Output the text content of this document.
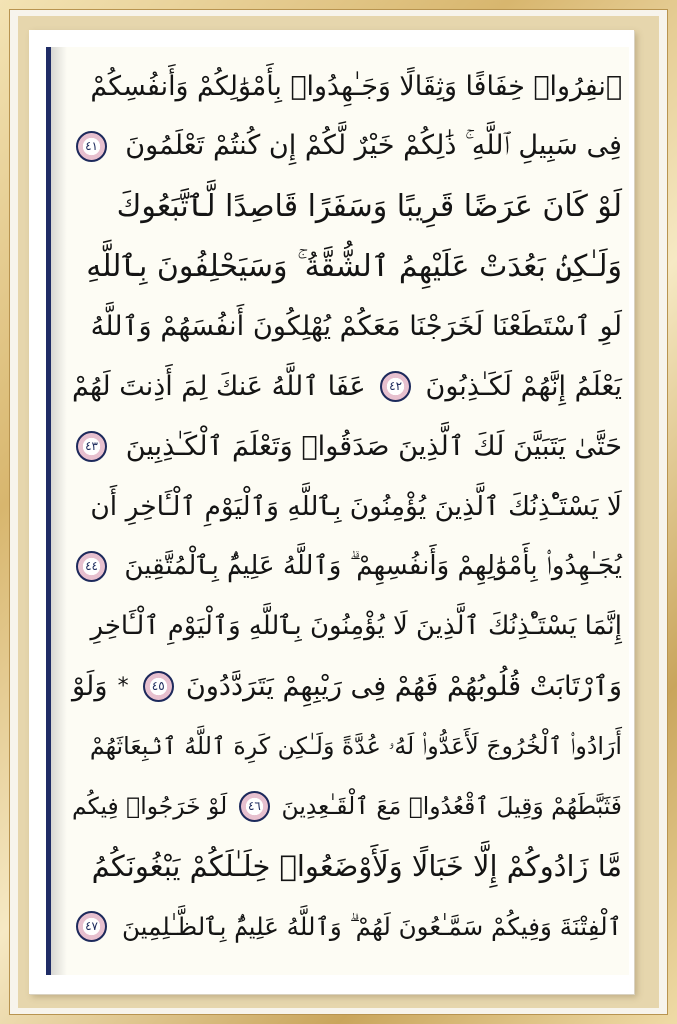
ٱنفِرُوا۟ خِفَافًا وَثِقَالًا وَجَـٰهِدُوا۟ بِأَمْوَٰلِكُمْ وَأَنفُسِكُمْ
فِى سَبِيلِ ٱللَّهِ ۚ ذَٰلِكُمْ خَيْرٌ لَّكُمْ إِن كُنتُمْ تَعْلَمُونَ
٤١
لَوْ كَانَ عَرَضًا قَرِيبًا وَسَفَرًا قَاصِدًا لَّٱتَّبَعُوكَ
وَلَـٰكِنۢ بَعُدَتْ عَلَيْهِمُ ٱلشُّقَّةُ ۚ وَسَيَحْلِفُونَ بِٱللَّهِ
لَوِ ٱسْتَطَعْنَا لَخَرَجْنَا مَعَكُمْ يُهْلِكُونَ أَنفُسَهُمْ وَٱللَّهُ
يَعْلَمُ إِنَّهُمْ لَكَـٰذِبُونَ
٤٢
عَفَا ٱللَّهُ عَنكَ لِمَ أَذِنتَ لَهُمْ
حَتَّىٰ يَتَبَيَّنَ لَكَ ٱلَّذِينَ صَدَقُوا۟ وَتَعْلَمَ ٱلْكَـٰذِبِينَ
٤٣
لَا يَسْتَـْٔذِنُكَ ٱلَّذِينَ يُؤْمِنُونَ بِٱللَّهِ وَٱلْيَوْمِ ٱلْـَٔاخِرِ أَن
يُجَـٰهِدُوا۟ بِأَمْوَٰلِهِمْ وَأَنفُسِهِمْ ۗ وَٱللَّهُ عَلِيمٌۢ بِٱلْمُتَّقِينَ
٤٤
إِنَّمَا يَسْتَـْٔذِنُكَ ٱلَّذِينَ لَا يُؤْمِنُونَ بِٱللَّهِ وَٱلْيَوْمِ ٱلْـَٔاخِرِ
وَٱرْتَابَتْ قُلُوبُهُمْ فَهُمْ فِى رَيْبِهِمْ يَتَرَدَّدُونَ
٤٥
*
وَلَوْ
أَرَادُوا۟ ٱلْخُرُوجَ لَأَعَدُّوا۟ لَهُۥ عُدَّةً وَلَـٰكِن كَرِهَ ٱللَّهُ ٱنۢبِعَاثَهُمْ
فَثَبَّطَهُمْ وَقِيلَ ٱقْعُدُوا۟ مَعَ ٱلْقَـٰعِدِينَ
٤٦
لَوْ خَرَجُوا۟ فِيكُم
مَّا زَادُوكُمْ إِلَّا خَبَالًا وَلَأَوْضَعُوا۟ خِلَـٰلَكُمْ يَبْغُونَكُمُ
ٱلْفِتْنَةَ وَفِيكُمْ سَمَّـٰعُونَ لَهُمْ ۗ وَٱللَّهُ عَلِيمٌۢ بِٱلظَّـٰلِمِينَ
٤٧
